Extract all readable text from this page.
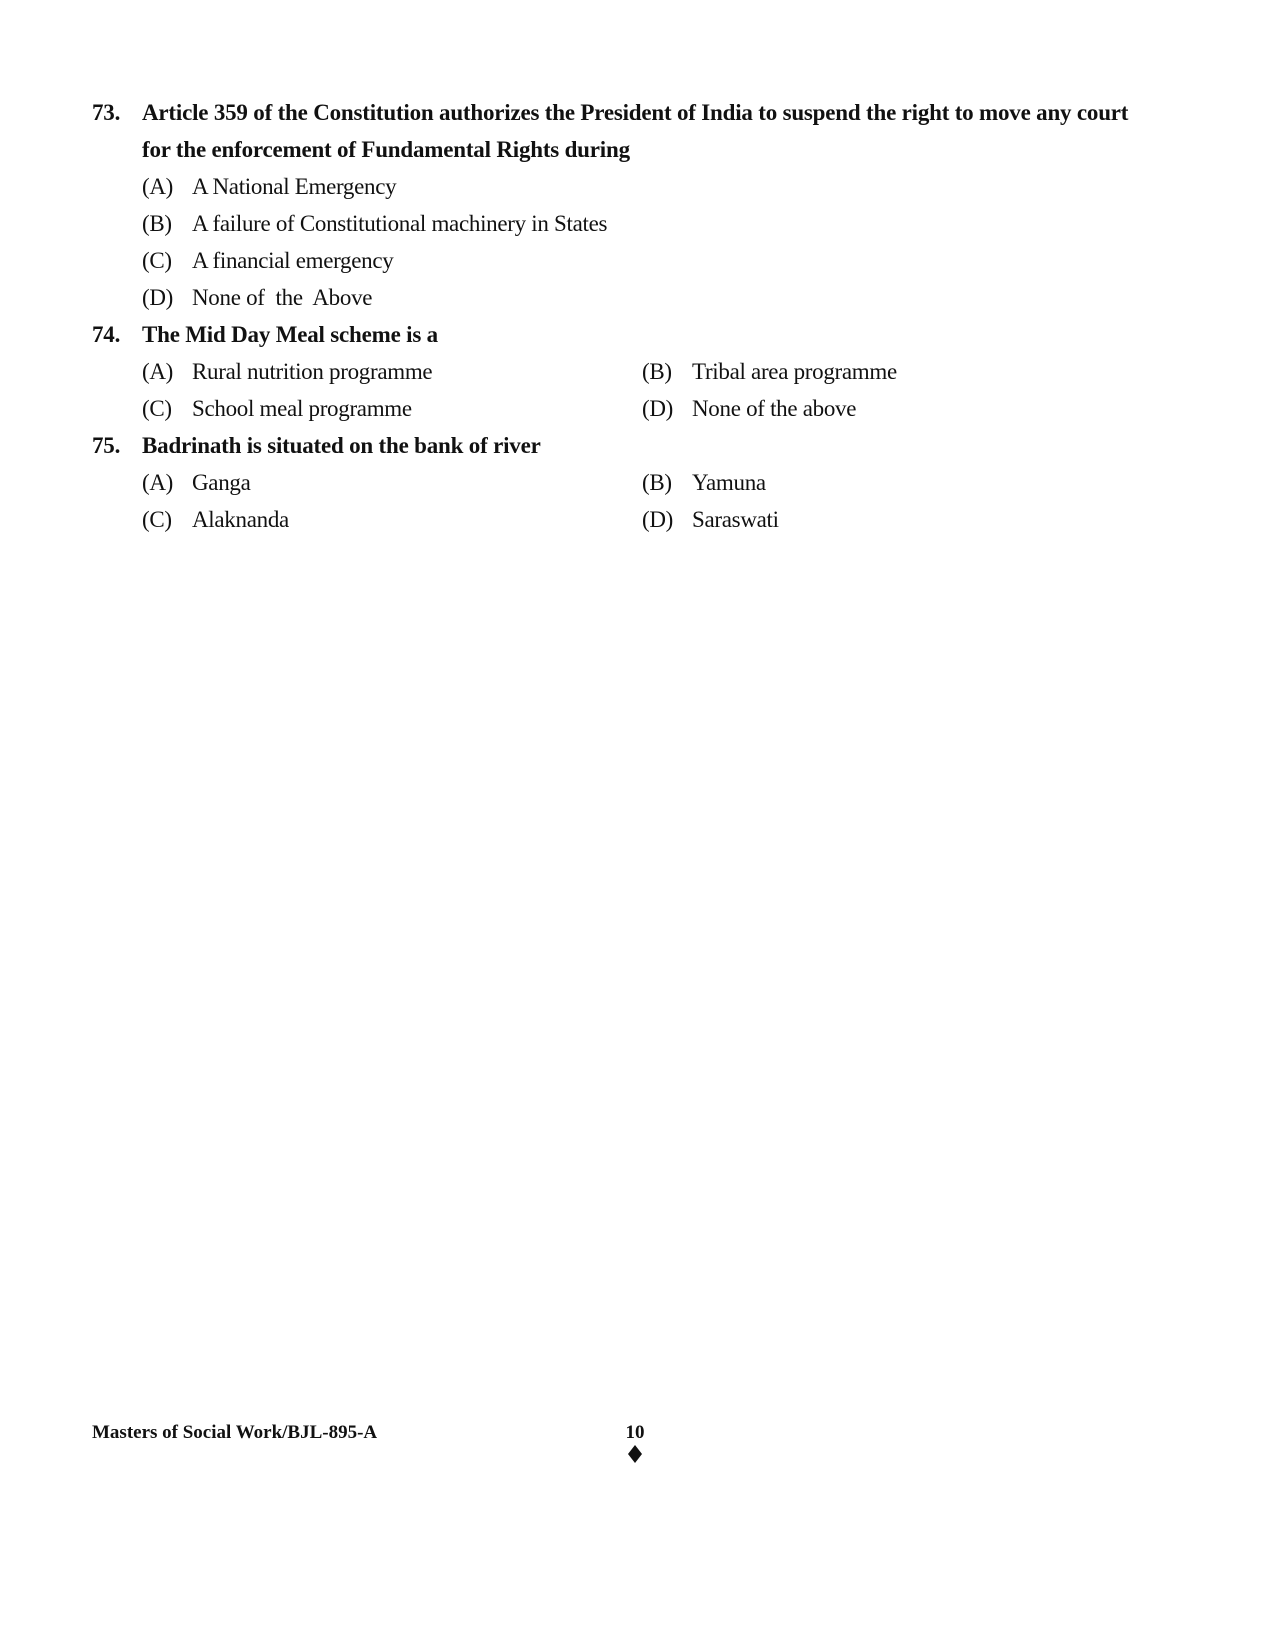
73. Article 359 of the Constitution authorizes the President of India to suspend the right to move any court for the enforcement of Fundamental Rights during
(A) A National Emergency
(B) A failure of Constitutional machinery in States
(C) A financial emergency
(D) None of  the  Above
74. The Mid Day Meal scheme is a
(A) Rural nutrition programme	(B) Tribal area programme
(C) School meal programme	(D) None of the above
75. Badrinath is situated on the bank of river
(A) Ganga	(B) Yamuna
(C) Alaknanda	(D) Saraswati
Masters of Social Work/BJL-895-A	10
